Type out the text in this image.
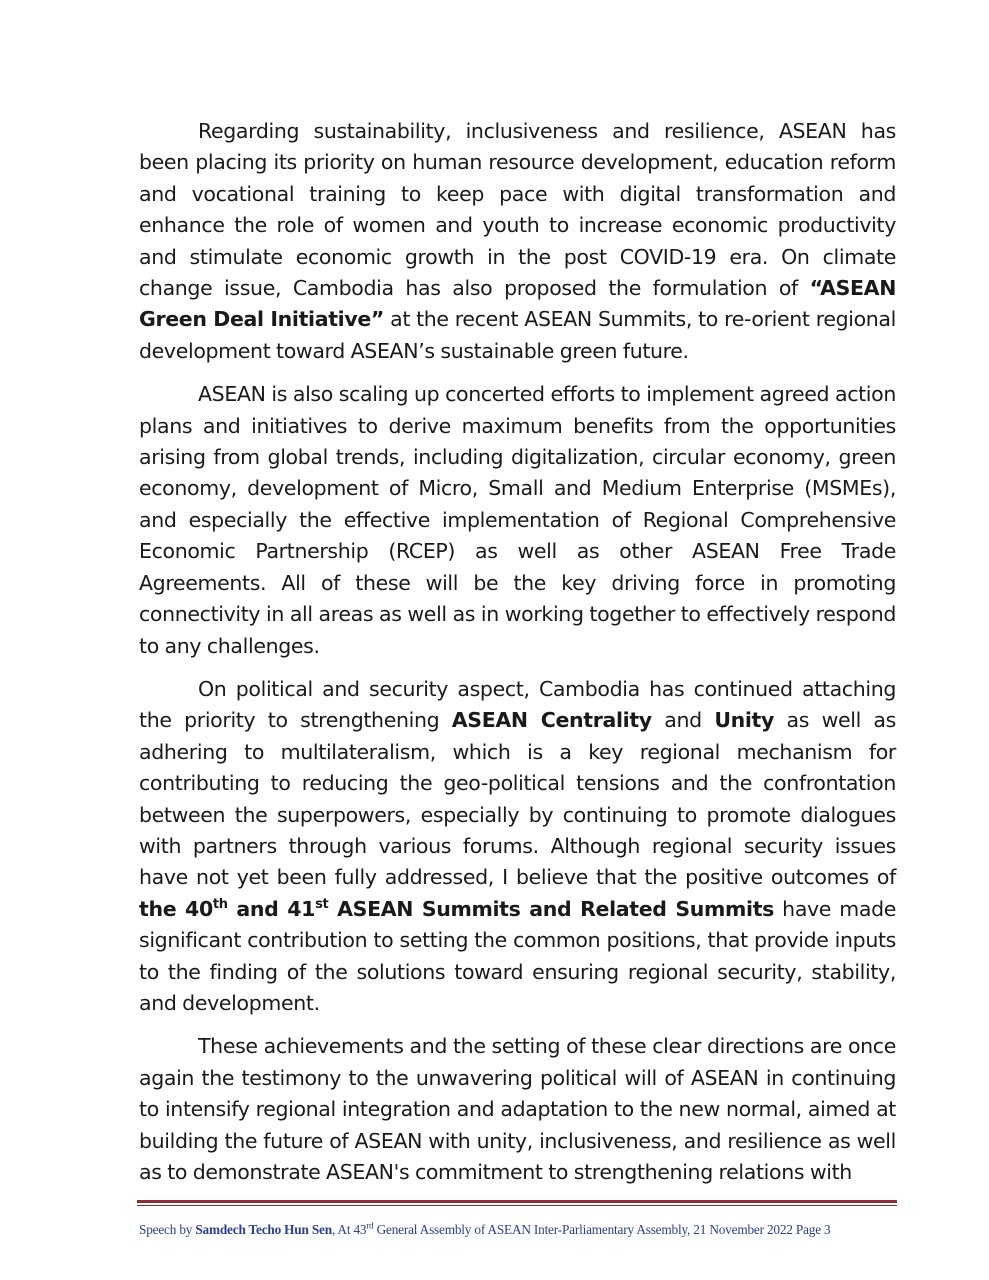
Regarding sustainability, inclusiveness and resilience, ASEAN has been placing its priority on human resource development, education reform and vocational training to keep pace with digital transformation and enhance the role of women and youth to increase economic productivity and stimulate economic growth in the post COVID-19 era. On climate change issue, Cambodia has also proposed the formulation of “ASEAN Green Deal Initiative” at the recent ASEAN Summits, to re-orient regional development toward ASEAN’s sustainable green future.

ASEAN is also scaling up concerted efforts to implement agreed action plans and initiatives to derive maximum benefits from the opportunities arising from global trends, including digitalization, circular economy, green economy, development of Micro, Small and Medium Enterprise (MSMEs), and especially the effective implementation of Regional Comprehensive Economic Partnership (RCEP) as well as other ASEAN Free Trade Agreements. All of these will be the key driving force in promoting connectivity in all areas as well as in working together to effectively respond to any challenges.

On political and security aspect, Cambodia has continued attaching the priority to strengthening ASEAN Centrality and Unity as well as adhering to multilateralism, which is a key regional mechanism for contributing to reducing the geo-political tensions and the confrontation between the superpowers, especially by continuing to promote dialogues with partners through various forums. Although regional security issues have not yet been fully addressed, I believe that the positive outcomes of the 40th and 41st ASEAN Summits and Related Summits have made significant contribution to setting the common positions, that provide inputs to the finding of the solutions toward ensuring regional security, stability, and development.

These achievements and the setting of these clear directions are once again the testimony to the unwavering political will of ASEAN in continuing to intensify regional integration and adaptation to the new normal, aimed at building the future of ASEAN with unity, inclusiveness, and resilience as well as to demonstrate ASEAN's commitment to strengthening relations with

Speech by Samdech Techo Hun Sen, At 43rd General Assembly of ASEAN Inter-Parliamentary Assembly, 21 November 2022 Page 3
